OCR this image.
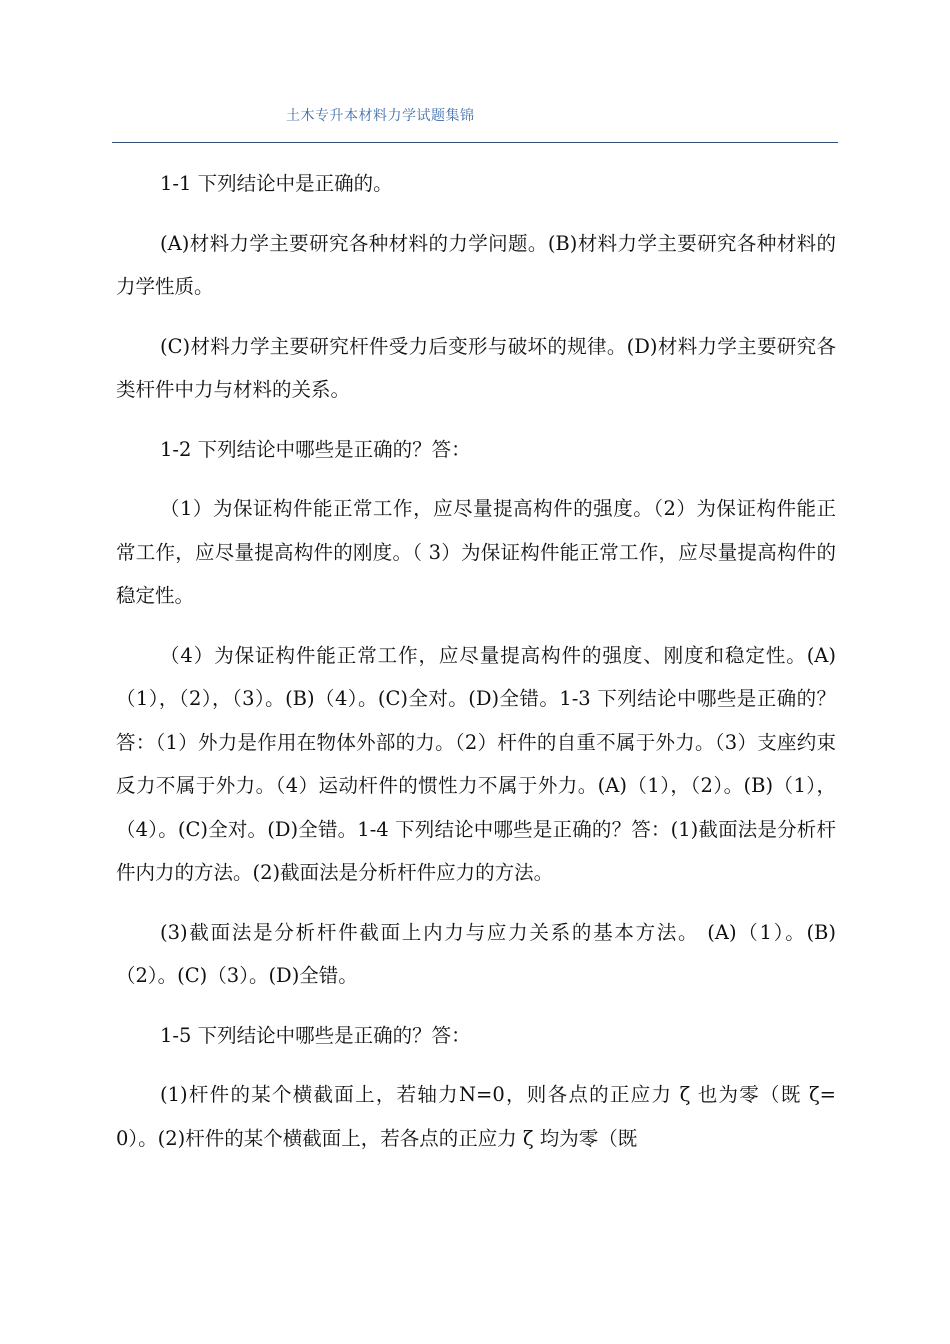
土木专升本材料力学试题集锦

1-1 下列结论中是正确的。

(A)材料力学主要研究各种材料的力学问题。(B)材料力学主要研究各种材料的力学性质。

(C)材料力学主要研究杆件受力后变形与破坏的规律。(D)材料力学主要研究各类杆件中力与材料的关系。

1-2 下列结论中哪些是正确的？答：

（1）为保证构件能正常工作，应尽量提高构件的强度。（2）为保证构件能正常工作，应尽量提高构件的刚度。（ 3）为保证构件能正常工作，应尽量提高构件的稳定性。

（4）为保证构件能正常工作，应尽量提高构件的强度、刚度和稳定性。(A)（1），（2），（3）。(B)（4）。(C)全对。(D)全错。1-3 下列结论中哪些是正确的？答：（1）外力是作用在物体外部的力。（2）杆件的自重不属于外力。（3）支座约束反力不属于外力。（4）运动杆件的惯性力不属于外力。(A)（1），（2）。(B)（1），（4）。(C)全对。(D)全错。1-4 下列结论中哪些是正确的？答：(1)截面法是分析杆件内力的方法。(2)截面法是分析杆件应力的方法。

(3)截面法是分析杆件截面上内力与应力关系的基本方法。 (A)（1）。(B)（2）。(C)（3）。(D)全错。

1-5 下列结论中哪些是正确的？答：

(1)杆件的某个横截面上，若轴力N=0，则各点的正应力 ζ 也为零（既 ζ=0）。(2)杆件的某个横截面上，若各点的正应力 ζ 均为零（既
